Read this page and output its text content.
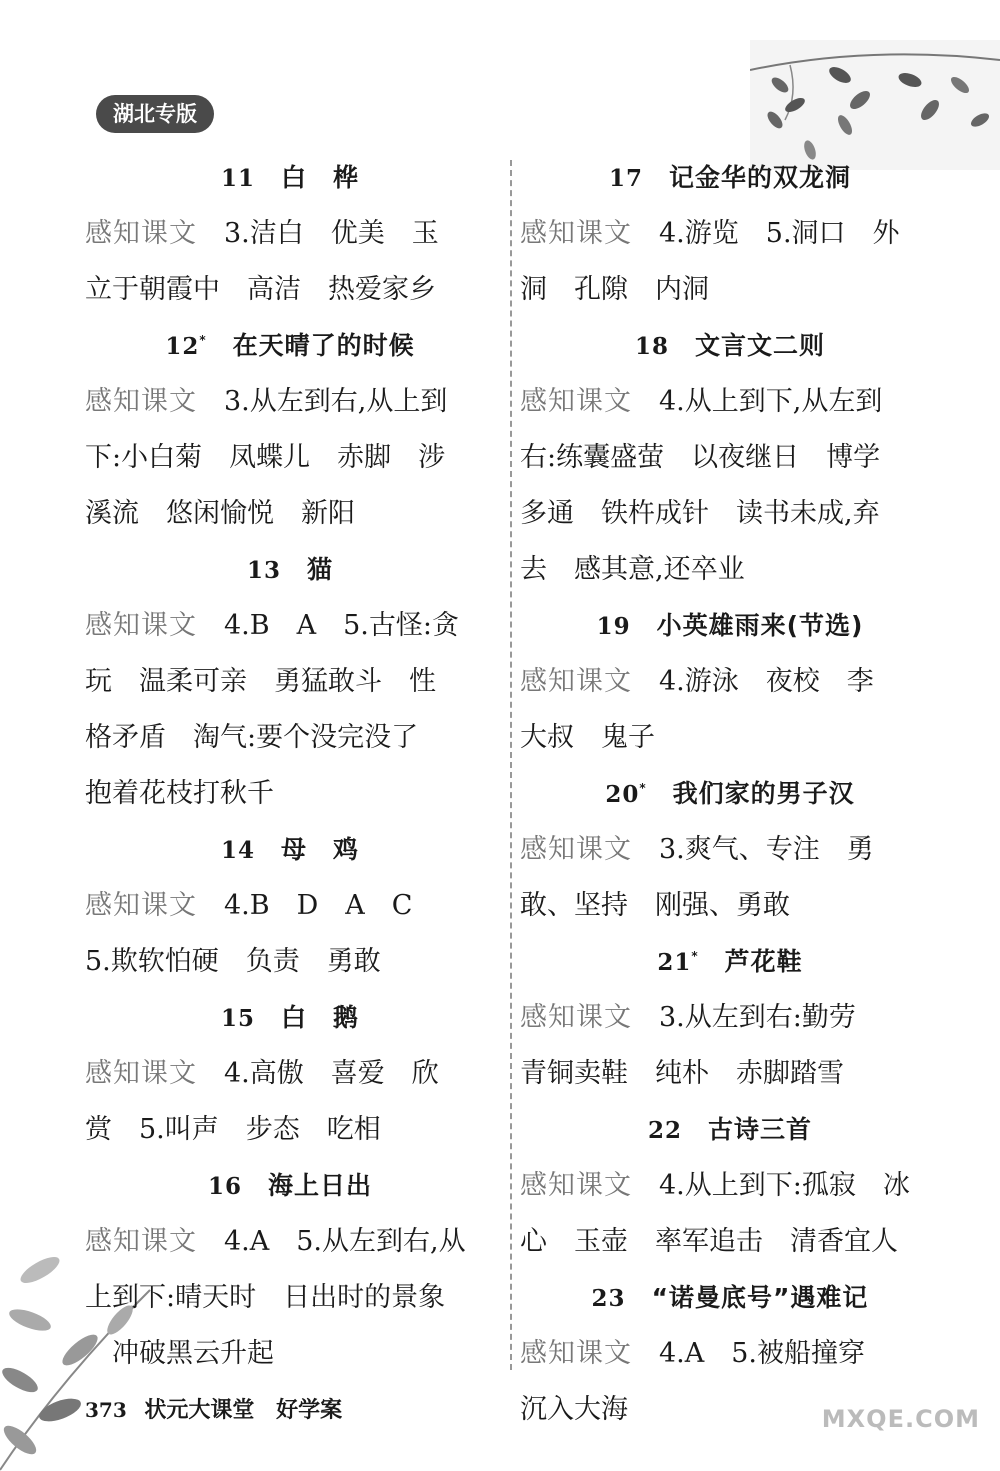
湖北专版
11 白　桦
感知课文　3.洁白　优美　玉
立于朝霞中　高洁　热爱家乡
12* 在天晴了的时候
感知课文　3.从左到右,从上到
下:小白菊　凤蝶儿　赤脚　涉
溪流　悠闲愉悦　新阳
13 猫
感知课文　4.B　A　5.古怪:贪
玩　温柔可亲　勇猛敢斗　性
格矛盾　淘气:要个没完没了
抱着花枝打秋千
14 母　鸡
感知课文　4.B　D　A　C
5.欺软怕硬　负责　勇敢
15 白　鹅
感知课文　4.高傲　喜爱　欣
赏　5.叫声　步态　吃相
16 海上日出
感知课文　4.A　5.从左到右,从
上到下:晴天时　日出时的景象
　冲破黑云升起
17 记金华的双龙洞
感知课文　4.游览　5.洞口　外
洞　孔隙　内洞
18 文言文二则
感知课文　4.从上到下,从左到
右:练囊盛萤　以夜继日　博学
多通　铁杵成针　读书未成,弃
去　感其意,还卒业
19 小英雄雨来(节选)
感知课文　4.游泳　夜校　李
大叔　鬼子
20* 我们家的男子汉
感知课文　3.爽气、专注　勇
敢、坚持　刚强、勇敢
21* 芦花鞋
感知课文　3.从左到右:勤劳
青铜卖鞋　纯朴　赤脚踏雪
22 古诗三首
感知课文　4.从上到下:孤寂　冰
心　玉壶　率军追击　清香宜人
23 “诺曼底号”遇难记
感知课文　4.A　5.被船撞穿
沉入大海
373 状元大课堂 好学案	MXQE.COM
